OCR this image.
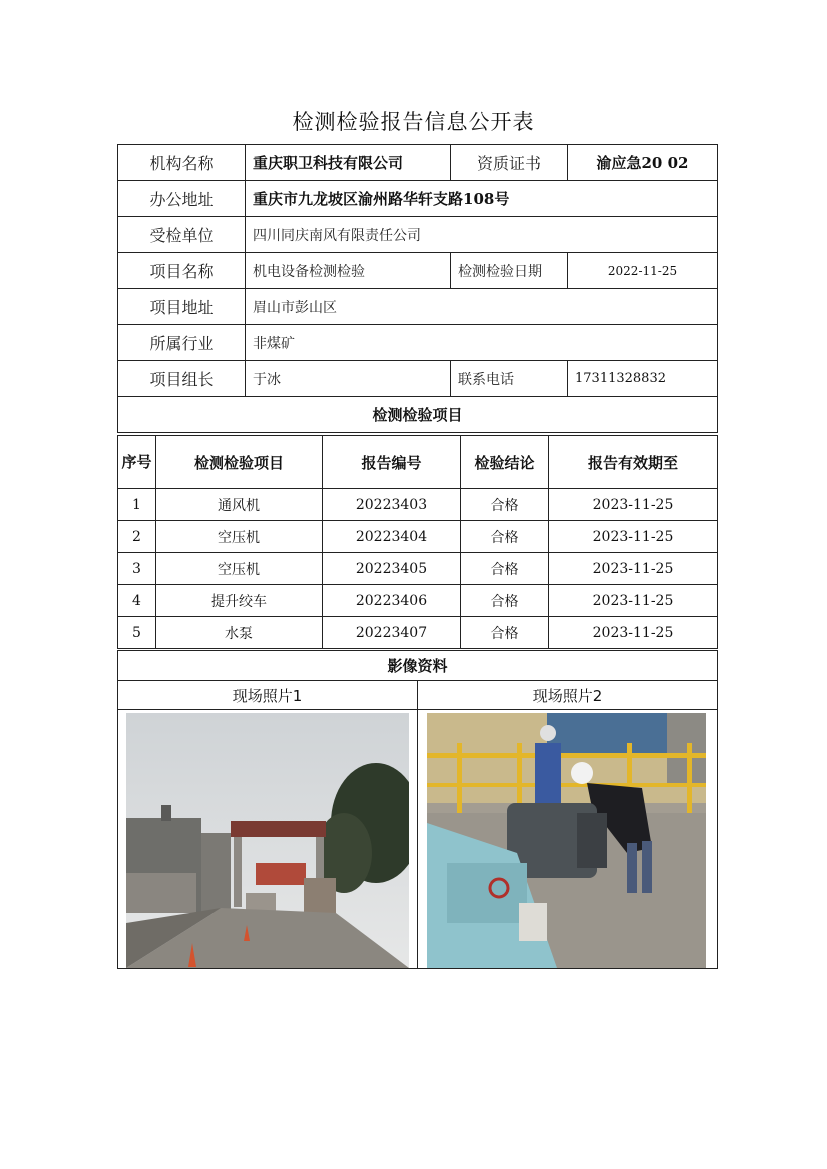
检测检验报告信息公开表
机构名称	重庆职卫科技有限公司	资质证书	渝应急20 02
办公地址	重庆市九龙坡区渝州路华轩支路108号		
受检单位	四川同庆南风有限责任公司		
项目名称	机电设备检测检验	检测检验日期	2022-11-25
项目地址	眉山市彭山区		
所属行业	非煤矿		
项目组长	于冰	联系电话	17311328832
检测检验项目			
序号	检测检验项目	报告编号	检验结论	报告有效期至
1	通风机	20223403	合格	2023-11-25
2	空压机	20223404	合格	2023-11-25
3	空压机	20223405	合格	2023-11-25
4	提升绞车	20223406	合格	2023-11-25
5	水泵	20223407	合格	2023-11-25
影像资料	
现场照片1	现场照片2
